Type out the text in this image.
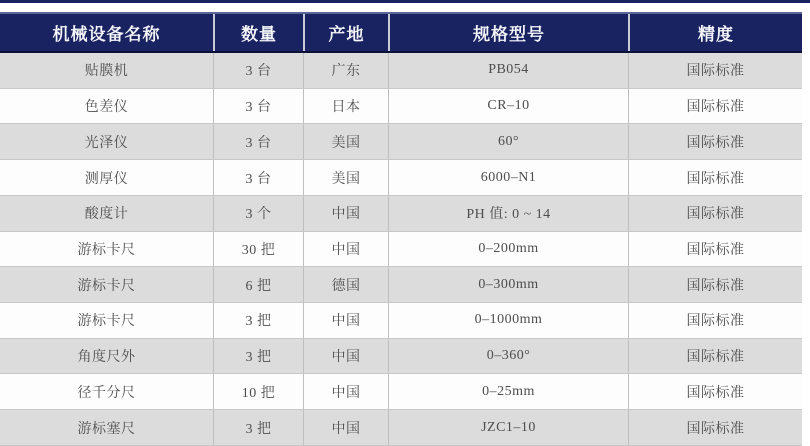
机械设备名称	数量	产地	规格型号	精度
贴膜机	3 台	广东	PB054	国际标准
色差仪	3 台	日本	CR–10	国际标准
光泽仪	3 台	美国	60°	国际标准
测厚仪	3 台	美国	6000–N1	国际标准
酸度计	3 个	中国	PH 值: 0 ~ 14	国际标准
游标卡尺	30 把	中国	0–200mm	国际标准
游标卡尺	6 把	德国	0–300mm	国际标准
游标卡尺	3 把	中国	0–1000mm	国际标准
角度尺外	3 把	中国	0–360°	国际标准
径千分尺	10 把	中国	0–25mm	国际标准
游标塞尺	3 把	中国	JZC1–10	国际标准
